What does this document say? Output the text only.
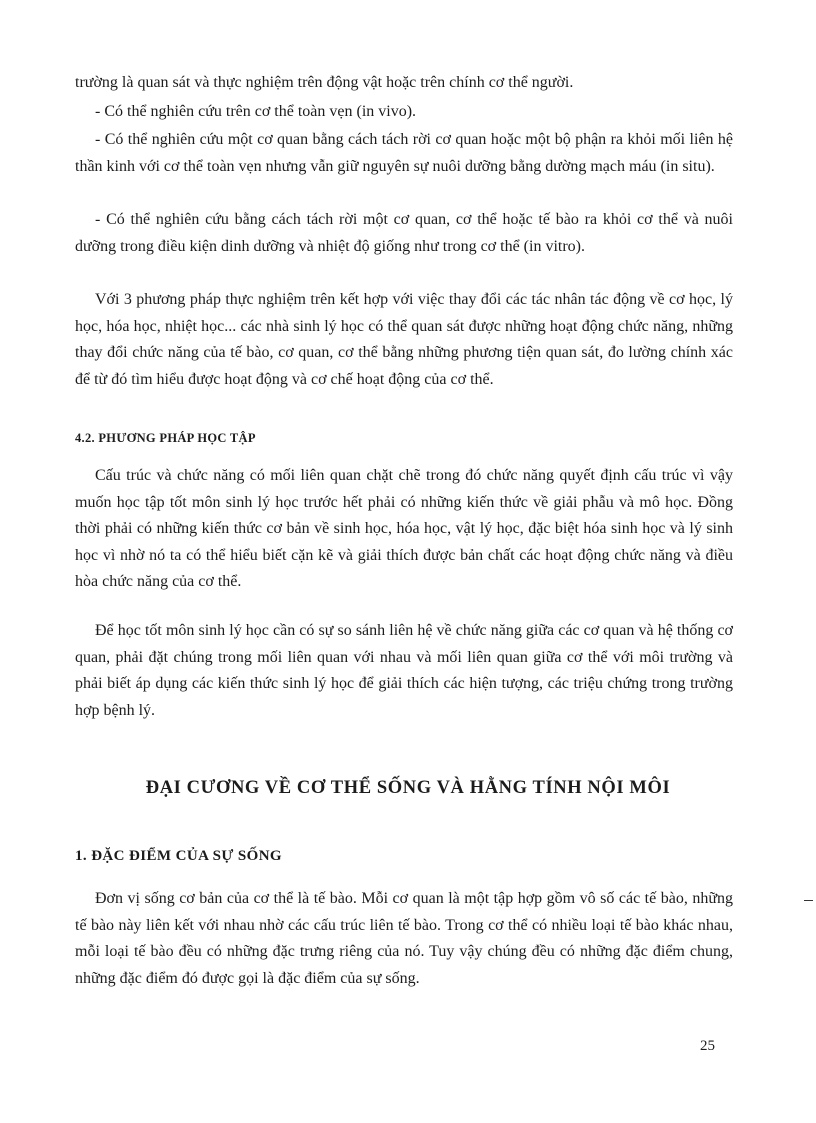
trường là quan sát và thực nghiệm trên động vật hoặc trên chính cơ thể người.

- Có thể nghiên cứu trên cơ thể toàn vẹn (in vivo).

- Có thể nghiên cứu một cơ quan bằng cách tách rời cơ quan hoặc một bộ phận ra khỏi mối liên hệ thần kinh với cơ thể toàn vẹn nhưng vẫn giữ nguyên sự nuôi dưỡng bằng dường mạch máu (in situ).

- Có thể nghiên cứu bằng cách tách rời một cơ quan, cơ thể hoặc tế bào ra khỏi cơ thể và nuôi dưỡng trong điều kiện dinh dưỡng và nhiệt độ giống như trong cơ thể (in vitro).

Với 3 phương pháp thực nghiệm trên kết hợp với việc thay đổi các tác nhân tác động về cơ học, lý học, hóa học, nhiệt học... các nhà sinh lý học có thể quan sát được những hoạt động chức năng, những thay đổi chức năng của tế bào, cơ quan, cơ thể bằng những phương tiện quan sát, đo lường chính xác để từ đó tìm hiểu được hoạt động và cơ chế hoạt động của cơ thể.

4.2. PHƯƠNG PHÁP HỌC TẬP

Cấu trúc và chức năng có mối liên quan chặt chẽ trong đó chức năng quyết định cấu trúc vì vậy muốn học tập tốt môn sinh lý học trước hết phải có những kiến thức về giải phẫu và mô học. Đồng thời phải có những kiến thức cơ bản về sinh học, hóa học, vật lý học, đặc biệt hóa sinh học và lý sinh học vì nhờ nó ta có thể hiểu biết cặn kẽ và giải thích được bản chất các hoạt động chức năng và điều hòa chức năng của cơ thể.

Để học tốt môn sinh lý học cần có sự so sánh liên hệ về chức năng giữa các cơ quan và hệ thống cơ quan, phải đặt chúng trong mối liên quan với nhau và mối liên quan giữa cơ thể với môi trường và phải biết áp dụng các kiến thức sinh lý học để giải thích các hiện tượng, các triệu chứng trong trường hợp bệnh lý.

ĐẠI CƯƠNG VỀ CƠ THỂ SỐNG VÀ HẰNG TÍNH NỘI MÔI
1. ĐẶC ĐIỂM CỦA SỰ SỐNG

Đơn vị sống cơ bản của cơ thể là tế bào. Mỗi cơ quan là một tập hợp gồm vô số các tế bào, những tế bào này liên kết với nhau nhờ các cấu trúc liên tế bào. Trong cơ thể có nhiều loại tế bào khác nhau, mỗi loại tế bào đều có những đặc trưng riêng của nó. Tuy vậy chúng đều có những đặc điểm chung, những đặc điểm đó được gọi là đặc điểm của sự sống.

25
